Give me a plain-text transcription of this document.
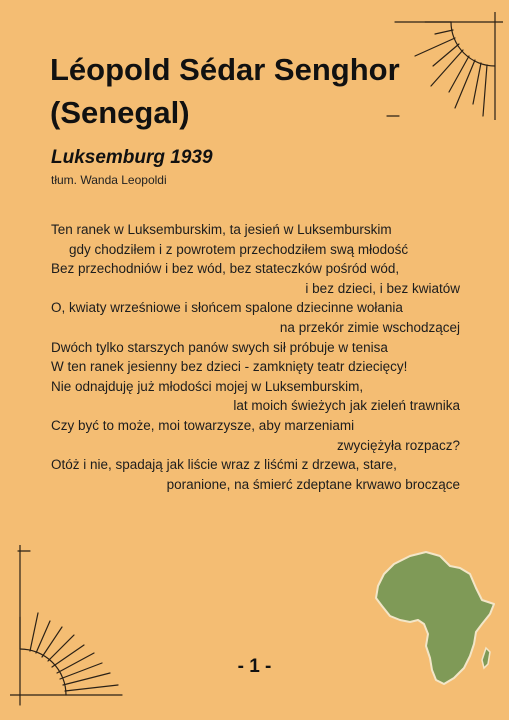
Léopold Sédar Senghor
(Senegal)
Luksemburg 1939
tłum. Wanda Leopoldi
Ten ranek w Luksemburskim, ta jesień w Luksemburskim
gdy chodziłem i z powrotem przechodziłem swą młodość
Bez przechodniów i bez wód, bez stateczków pośród wód,
i bez dzieci, i bez kwiatów
O, kwiaty wrześniowe i słońcem spalone dziecinne wołania
na przekór zimie wschodzącej
Dwóch tylko starszych panów swych sił próbuje w tenisa
W ten ranek jesienny bez dzieci - zamknięty teatr dziecięcy!
Nie odnajduję już młodości mojej w Luksemburskim,
lat moich świeżych jak zieleń trawnika
Czy być to może, moi towarzysze, aby marzeniami
zwyciężyła rozpacz?
Otóż i nie, spadają jak liście wraz z liśćmi z drzewa, stare,
poranione, na śmierć zdeptane krwawo broczące
- 1 -
